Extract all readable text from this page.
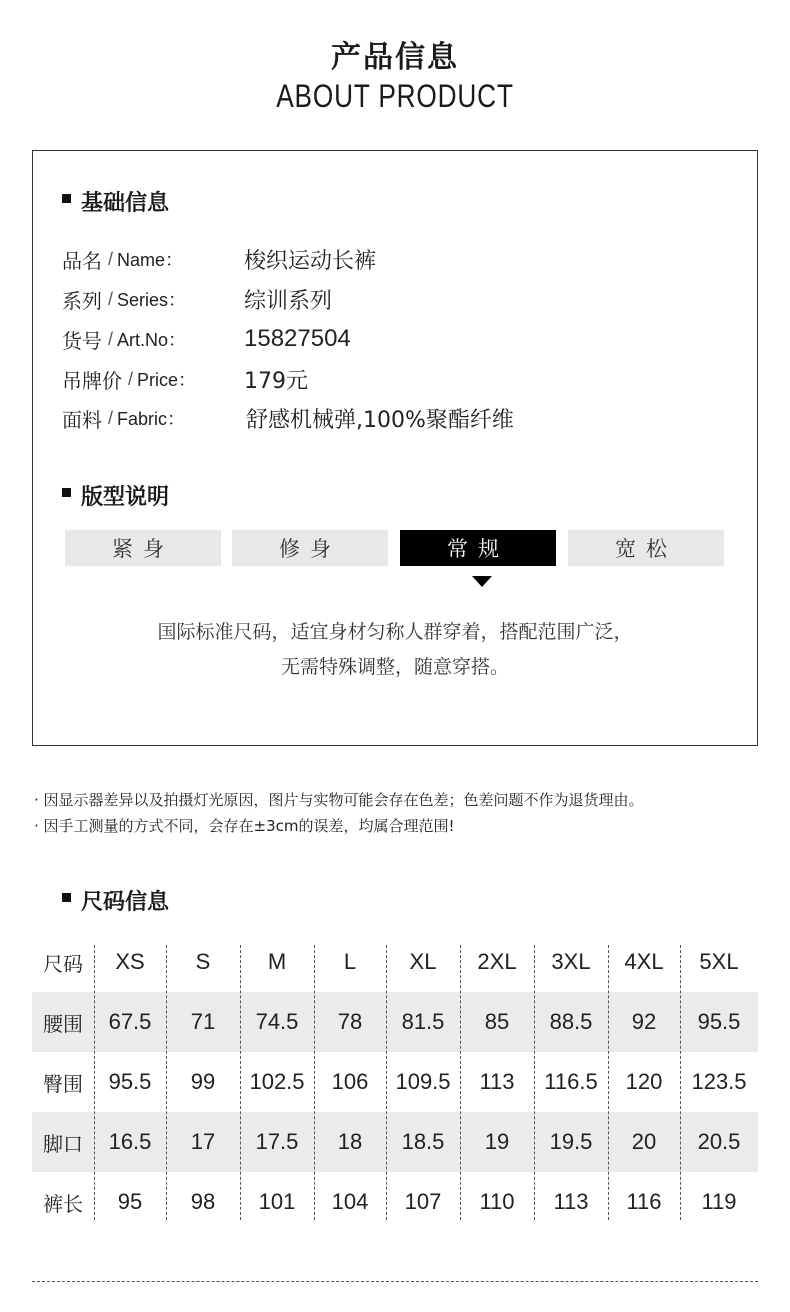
产品信息
ABOUT PRODUCT
基础信息
品名 / Name：	梭织运动长裤
系列 / Series：	综训系列
货号 / Art.No： 15827504
吊牌价 / Price： 179元
面料 / Fabric：	舒感机械弹,100%聚酯纤维
版型说明
紧身	修身	常规	宽松
国际标准尺码，适宜身材匀称人群穿着，搭配范围广泛，
无需特殊调整，随意穿搭。
· 因显示器差异以及拍摄灯光原因，图片与实物可能会存在色差；色差问题不作为退货理由。
· 因手工测量的方式不同，会存在±3cm的误差，均属合理范围!
尺码信息
尺码	XS	S	M	L	XL	2XL	3XL	4XL	5XL
腰围	67.5	71	74.5	78	81.5	85	88.5	92	95.5
臀围	95.5	99	102.5	106	109.5	113	116.5	120	123.5
脚口	16.5	17	17.5	18	18.5	19	19.5	20	20.5
裤长	95	98	101	104	107	110	113	116	119
